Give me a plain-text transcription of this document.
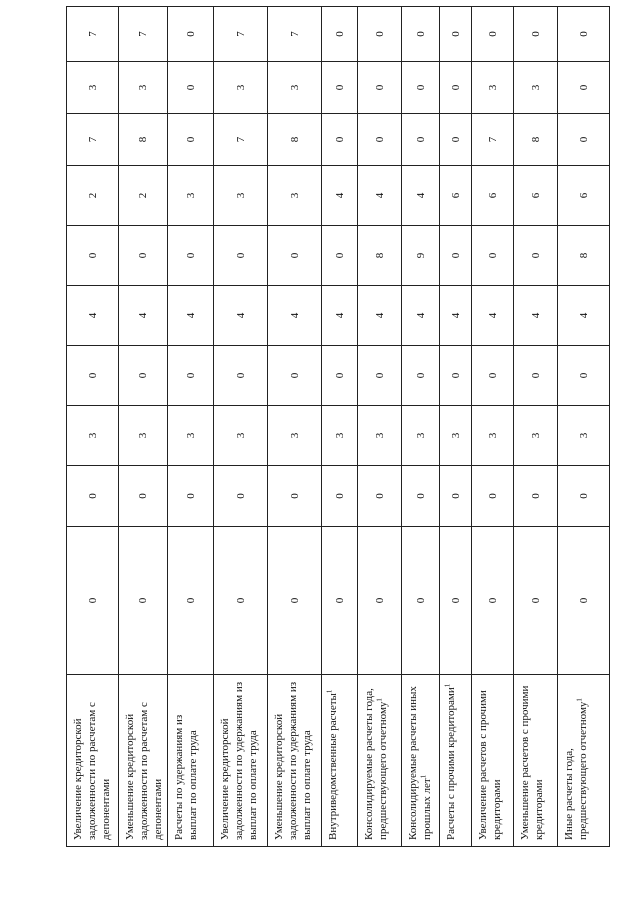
Увеличение кредиторской задолженности по расчетам с депонентами	0	0	3	0	4	0	2	7	3	7
Уменьшение кредиторской задолженности по расчетам с депонентами	0	0	3	0	4	0	2	8	3	7
Расчеты по удержаниям из выплат по оплате труда	0	0	3	0	4	0	3	0	0	0
Увеличение кредиторской задолженности по удержаниям из выплат по оплате труда	0	0	3	0	4	0	3	7	3	7
Уменьшение кредиторской задолженности по удержаниям из выплат по оплате труда	0	0	3	0	4	0	3	8	3	7
Внутриведомственные расчеты$^1$	0	0	3	0	4	0	4	0	0	0
Консолидируемые расчеты года, предшествующего отчетному$^1$	0	0	3	0	4	8	4	0	0	0
Консолидируемые расчеты иных прошлых лет$^1$	0	0	3	0	4	9	4	0	0	0
Расчеты с прочими кредиторами$^1$	0	0	3	0	4	0	6	0	0	0
Увеличение расчетов с прочими кредиторами	0	0	3	0	4	0	6	7	3	0
Уменьшение расчетов с прочими кредиторами	0	0	3	0	4	0	6	8	3	0
Иные расчеты года, предшествующего отчетному$^1$	0	0	3	0	4	8	6	0	0	0
